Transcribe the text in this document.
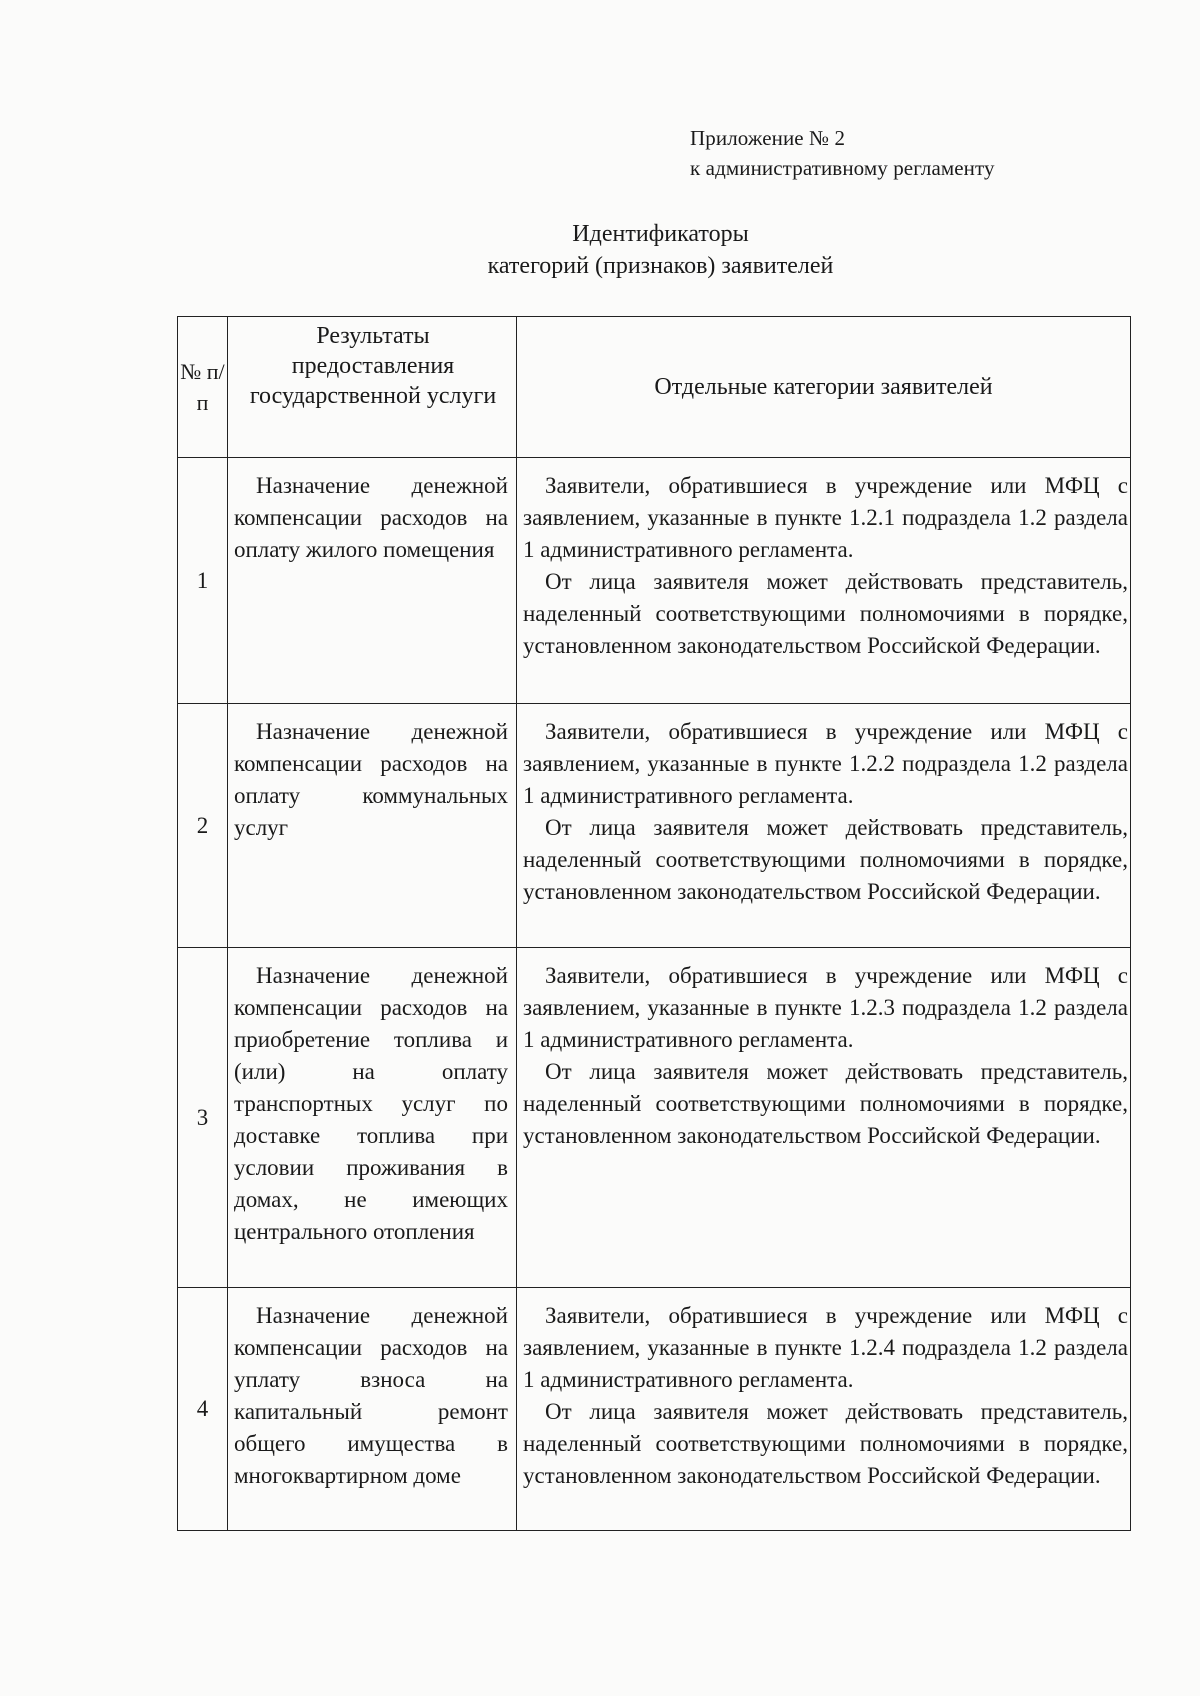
Приложение № 2
к административному регламенту
Идентификаторы
категорий (признаков) заявителей
№ п/п	Результаты предоставления государственной услуги	Отдельные категории заявителей
1	Назначение денежной компенсации расходов на оплату жилого помещения	Заявители, обратившиеся в учреждение или МФЦ с заявлением, указанные в пункте 1.2.1 подраздела 1.2 раздела 1 административного регламента.

От лица заявителя может действовать представитель, наделенный соответствующими полномочиями в порядке, установленном законодательством Российской Федерации.

2	Назначение денежной компенсации расходов на оплату коммунальных услуг	Заявители, обратившиеся в учреждение или МФЦ с заявлением, указанные в пункте 1.2.2 подраздела 1.2 раздела 1 административного регламента.

От лица заявителя может действовать представитель, наделенный соответствующими полномочиями в порядке, установленном законодательством Российской Федерации.

3	Назначение денежной компенсации расходов на приобретение топлива и (или) на оплату транспортных услуг по доставке топлива при условии проживания в домах, не имеющих центрального отопления	Заявители, обратившиеся в учреждение или МФЦ с заявлением, указанные в пункте 1.2.3 подраздела 1.2 раздела 1 административного регламента.

От лица заявителя может действовать представитель, наделенный соответствующими полномочиями в порядке, установленном законодательством Российской Федерации.

4	Назначение денежной компенсации расходов на уплату взноса на капитальный ремонт общего имущества в многоквартирном доме	Заявители, обратившиеся в учреждение или МФЦ с заявлением, указанные в пункте 1.2.4 подраздела 1.2 раздела 1 административного регламента.

От лица заявителя может действовать представитель, наделенный соответствующими полномочиями в порядке, установленном законодательством Российской Федерации.
